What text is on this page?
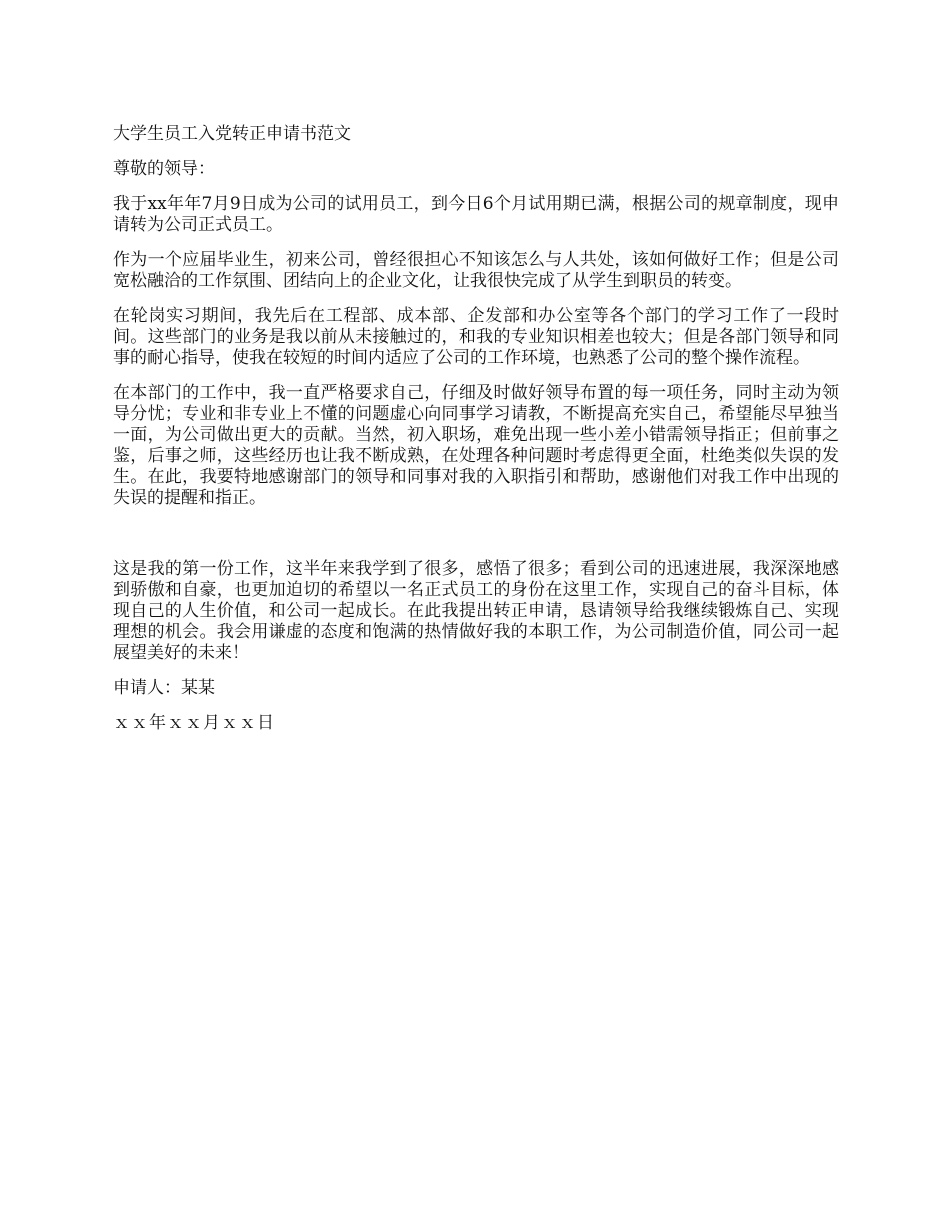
大学生员工入党转正申请书范文
尊敬的领导：
我于xx年年7月9日成为公司的试用员工，到今日6个月试用期已满，根据公司的规章制度，现申请转为公司正式员工。
作为一个应届毕业生，初来公司，曾经很担心不知该怎么与人共处，该如何做好工作；但是公司宽松融洽的工作氛围、团结向上的企业文化，让我很快完成了从学生到职员的转变。
在轮岗实习期间，我先后在工程部、成本部、企发部和办公室等各个部门的学习工作了一段时间。这些部门的业务是我以前从未接触过的，和我的专业知识相差也较大；但是各部门领导和同事的耐心指导，使我在较短的时间内适应了公司的工作环境，也熟悉了公司的整个操作流程。
在本部门的工作中，我一直严格要求自己，仔细及时做好领导布置的每一项任务，同时主动为领导分忧；专业和非专业上不懂的问题虚心向同事学习请教，不断提高充实自己，希望能尽早独当一面，为公司做出更大的贡献。当然，初入职场，难免出现一些小差小错需领导指正；但前事之鉴，后事之师，这些经历也让我不断成熟，在处理各种问题时考虑得更全面，杜绝类似失误的发生。在此，我要特地感谢部门的领导和同事对我的入职指引和帮助，感谢他们对我工作中出现的失误的提醒和指正。
这是我的第一份工作，这半年来我学到了很多，感悟了很多；看到公司的迅速进展，我深深地感到骄傲和自豪，也更加迫切的希望以一名正式员工的身份在这里工作，实现自己的奋斗目标，体现自己的人生价值，和公司一起成长。在此我提出转正申请，恳请领导给我继续锻炼自己、实现理想的机会。我会用谦虚的态度和饱满的热情做好我的本职工作，为公司制造价值，同公司一起展望美好的未来！
申请人：某某
ｘｘ年ｘｘ月ｘｘ日
